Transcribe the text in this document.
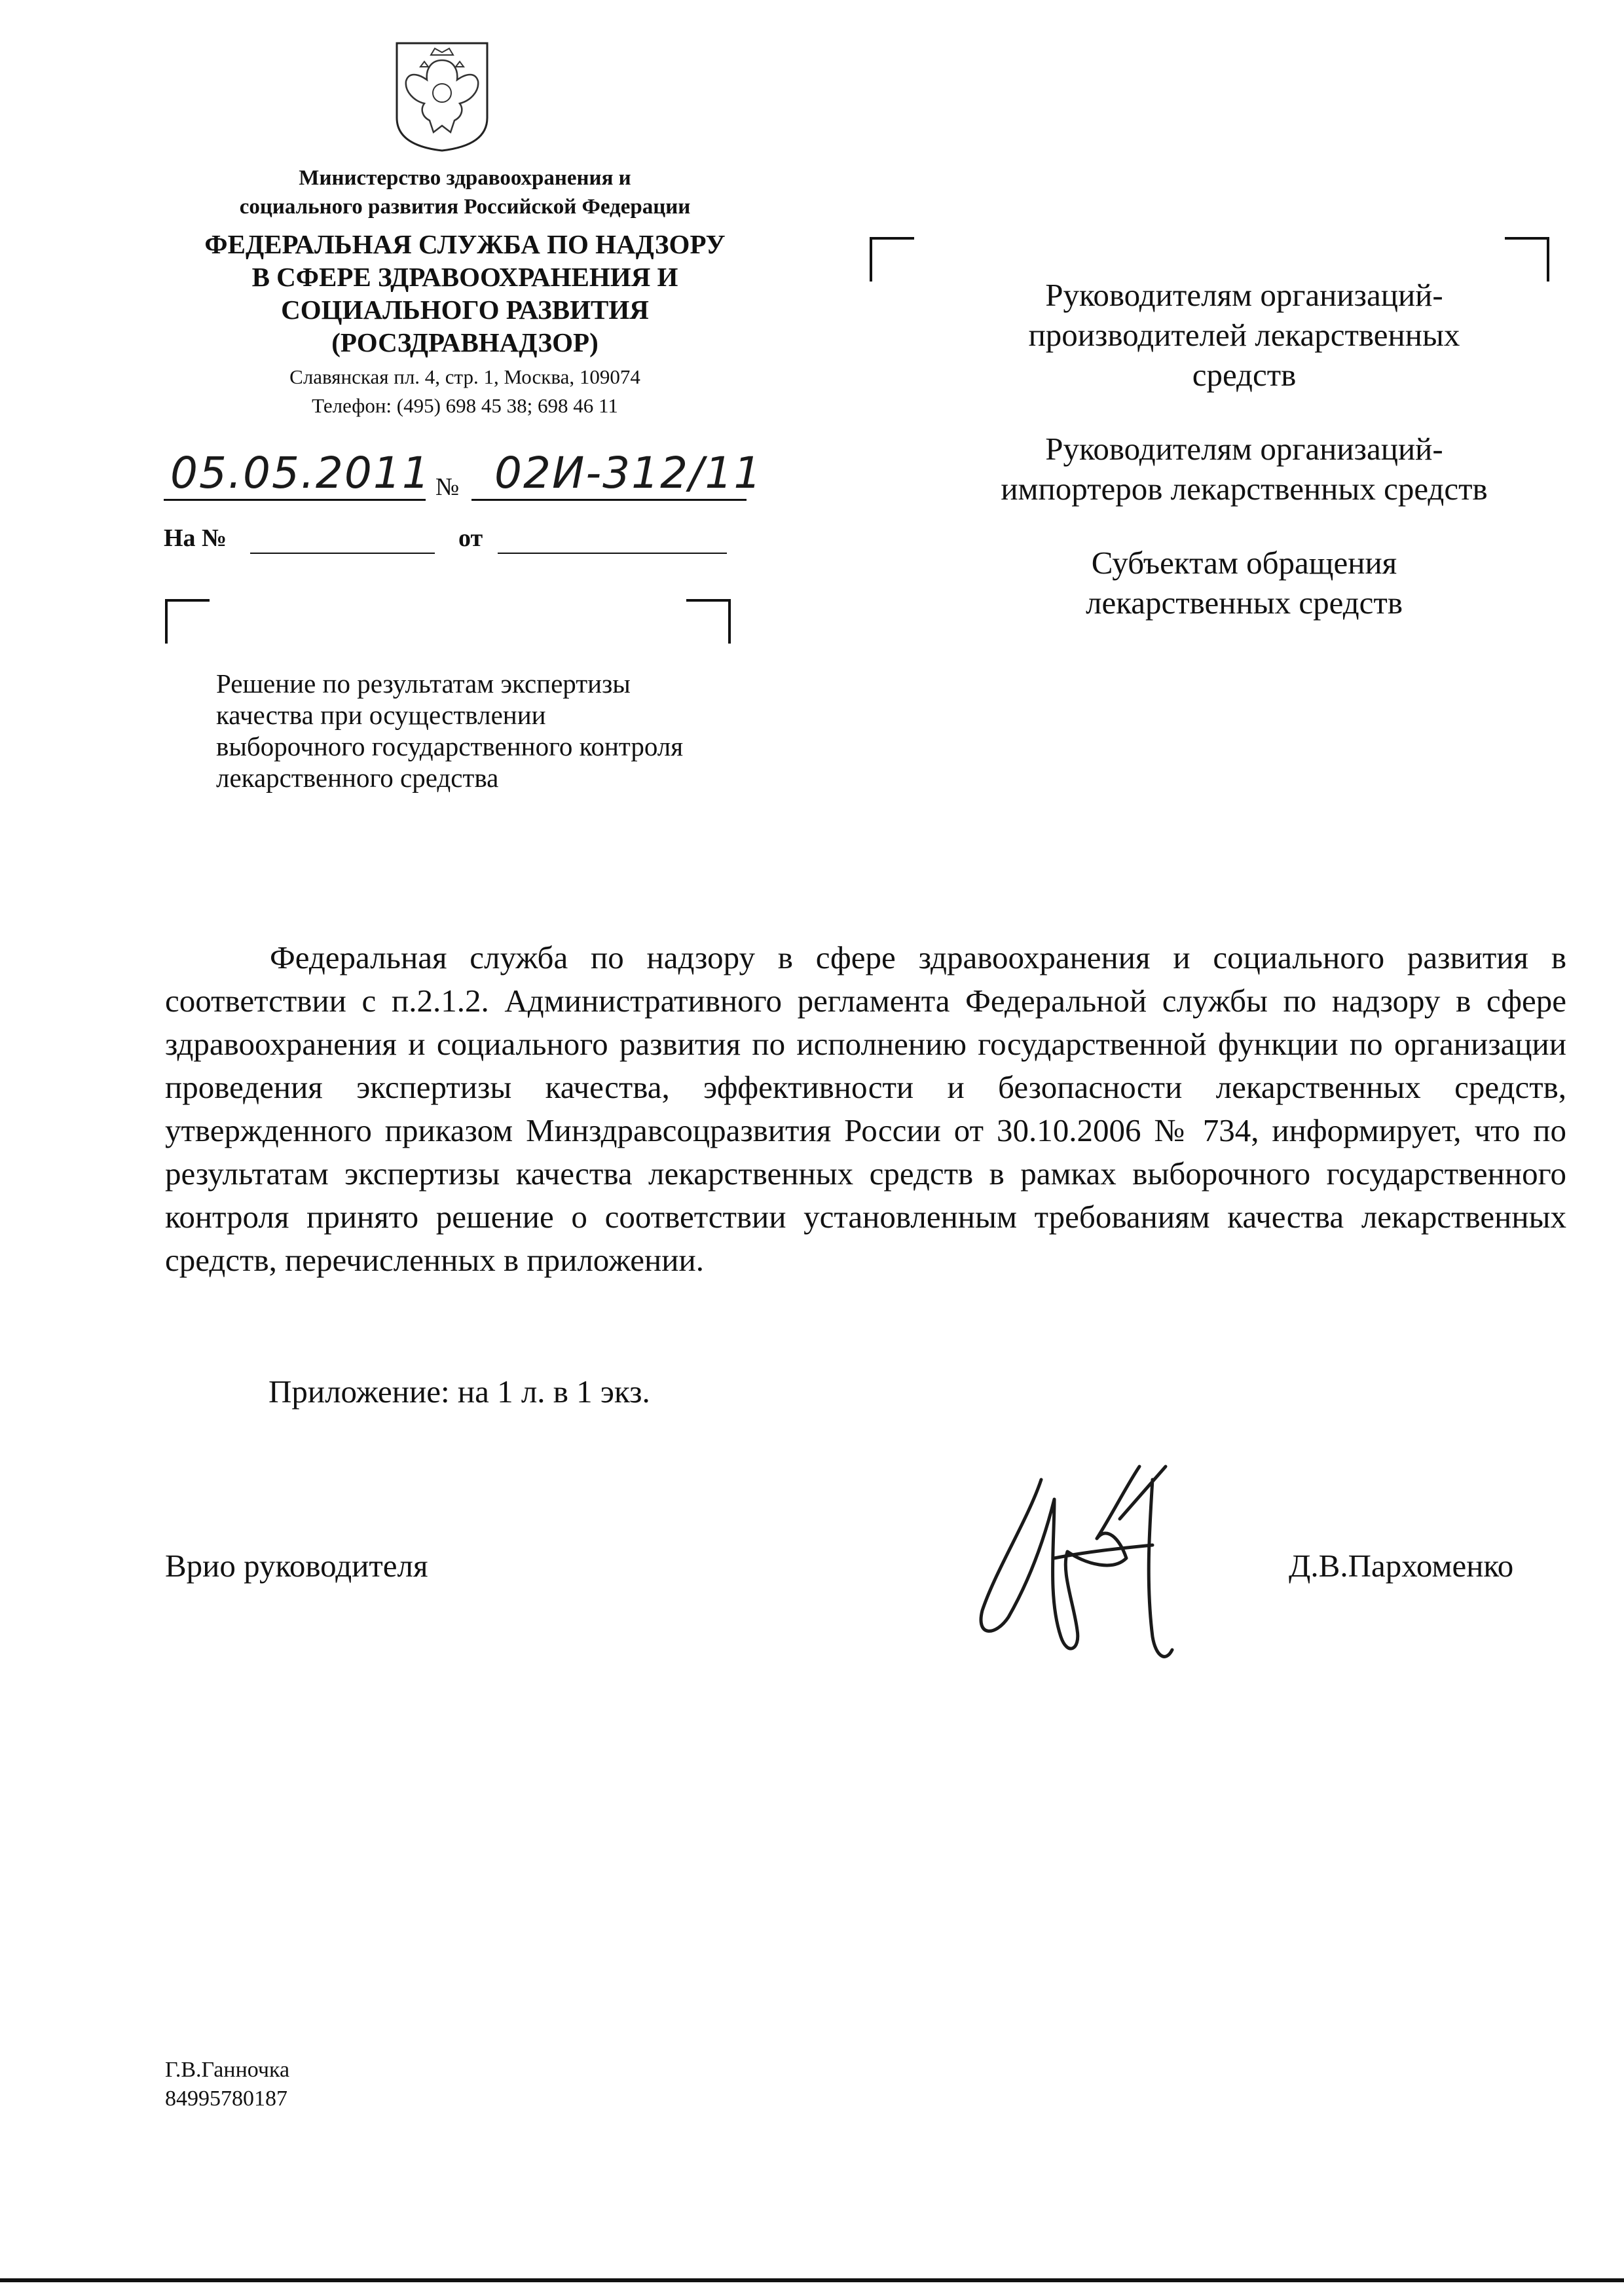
Министерство здравоохранения и
социального развития Российской Федерации
ФЕДЕРАЛЬНАЯ СЛУЖБА ПО НАДЗОРУ
В СФЕРЕ ЗДРАВООХРАНЕНИЯ И
СОЦИАЛЬНОГО РАЗВИТИЯ
(РОСЗДРАВНАДЗОР)
Славянская пл. 4, стр. 1, Москва, 109074
Телефон: (495) 698 45 38; 698 46 11
05.05.2011 № 02И-312/11
На №	от
Решение по результатам экспертизы
качества при осуществлении
выборочного государственного контроля
лекарственного средства
Руководителям организаций-
производителей лекарственных
средств
Руководителям организаций-
импортеров лекарственных средств
Субъектам обращения
лекарственных средств
Федеральная служба по надзору в сфере здравоохранения и социального развития в соответствии с п.2.1.2. Административного регламента Федеральной службы по надзору в сфере здравоохранения и социального развития по исполнению государственной функции по организации проведения экспертизы качества, эффективности и безопасности лекарственных средств, утвержденного приказом Минздравсоцразвития России от 30.10.2006 № 734, информирует, что по результатам экспертизы качества лекарственных средств в рамках выборочного государственного контроля принято решение о соответствии установленным требованиям качества лекарственных средств, перечисленных в приложении.
Приложение: на 1 л. в 1 экз.
Врио руководителя	Д.В.Пархоменко
Г.В.Ганночка
84995780187
